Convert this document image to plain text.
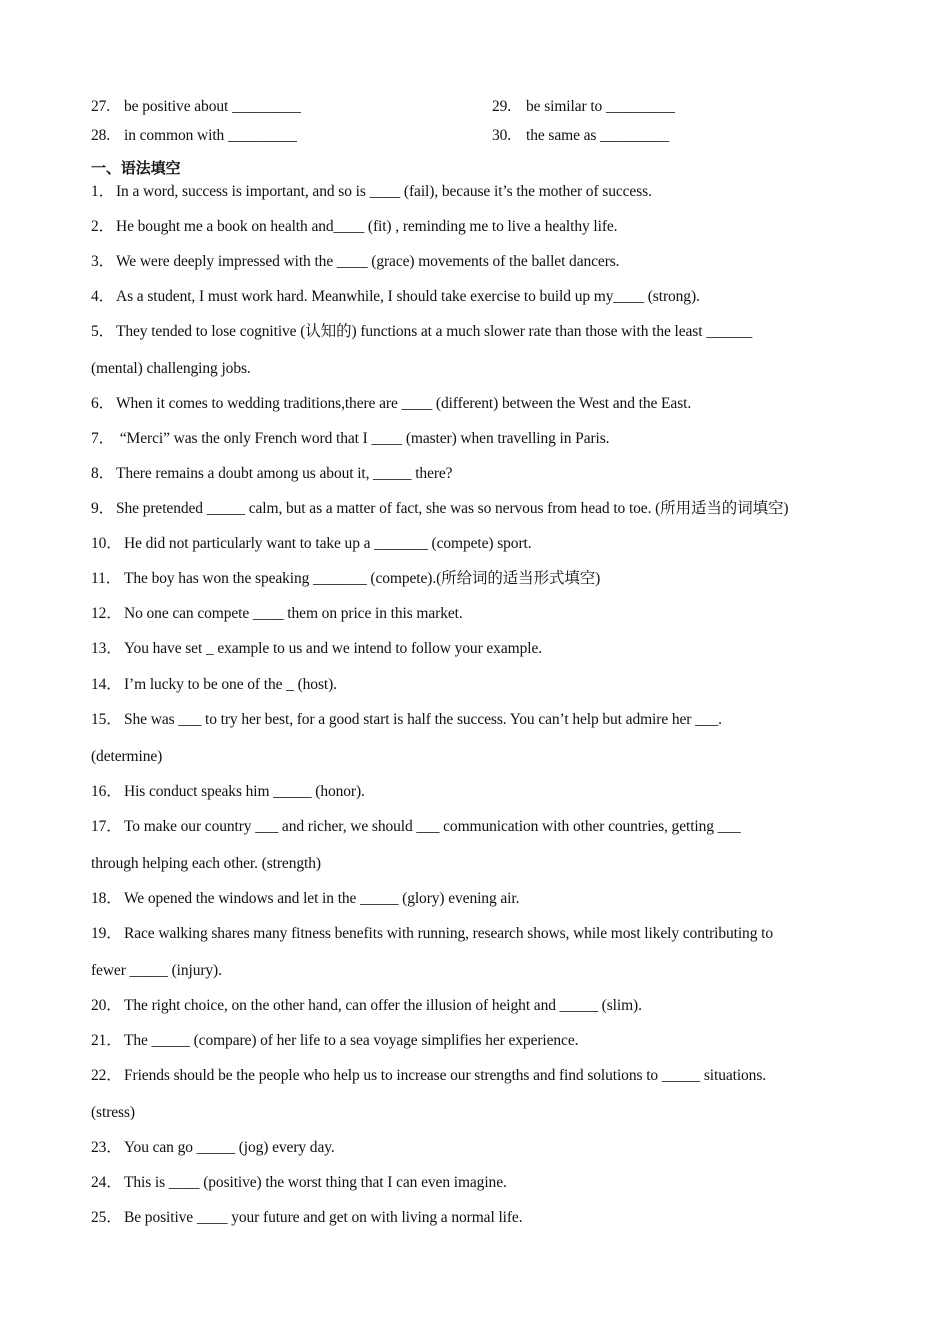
27. be positive about _________
28. in common with _________
29. be similar to _________
30. the same as _________
一、语法填空
1． In a word, success is important, and so is ____ (fail), because it’s the mother of success.
2． He bought me a book on health and____ (fit) , reminding me to live a healthy life.
3． We were deeply impressed with the ____ (grace) movements of the ballet dancers.
4． As a student, I must work hard. Meanwhile, I should take exercise to build up my____ (strong).
5． They tended to lose cognitive (认知的) functions at a much slower rate than those with the least ______
(mental) challenging jobs.
6． When it comes to wedding traditions,there are ____ (different) between the West and the East.
7． “Merci” was the only French word that I ____ (master) when travelling in Paris.
8． There remains a doubt among us about it, _____ there?
9． She pretended _____ calm, but as a matter of fact, she was so nervous from head to toe. (所用适当的词填空)
10． He did not particularly want to take up a _______ (compete) sport.
11． The boy has won the speaking _______ (compete).(所给词的适当形式填空)
12． No one can compete ____ them on price in this market.
13． You have set _ example to us and we intend to follow your example.
14． I’m lucky to be one of the _ (host).
15． She was ___ to try her best, for a good start is half the success. You can’t help but admire her ___.
(determine)
16． His conduct speaks him _____ (honor).
17． To make our country ___ and richer, we should ___ communication with other countries, getting ___
through helping each other. (strength)
18． We opened the windows and let in the _____ (glory) evening air.
19． Race walking shares many fitness benefits with running, research shows, while most likely contributing to
fewer _____ (injury).
20． The right choice, on the other hand, can offer the illusion of height and _____ (slim).
21． The _____ (compare) of her life to a sea voyage simplifies her experience.
22． Friends should be the people who help us to increase our strengths and find solutions to _____ situations.
(stress)
23． You can go _____ (jog) every day.
24． This is ____ (positive) the worst thing that I can even imagine.
25． Be positive ____ your future and get on with living a normal life.
